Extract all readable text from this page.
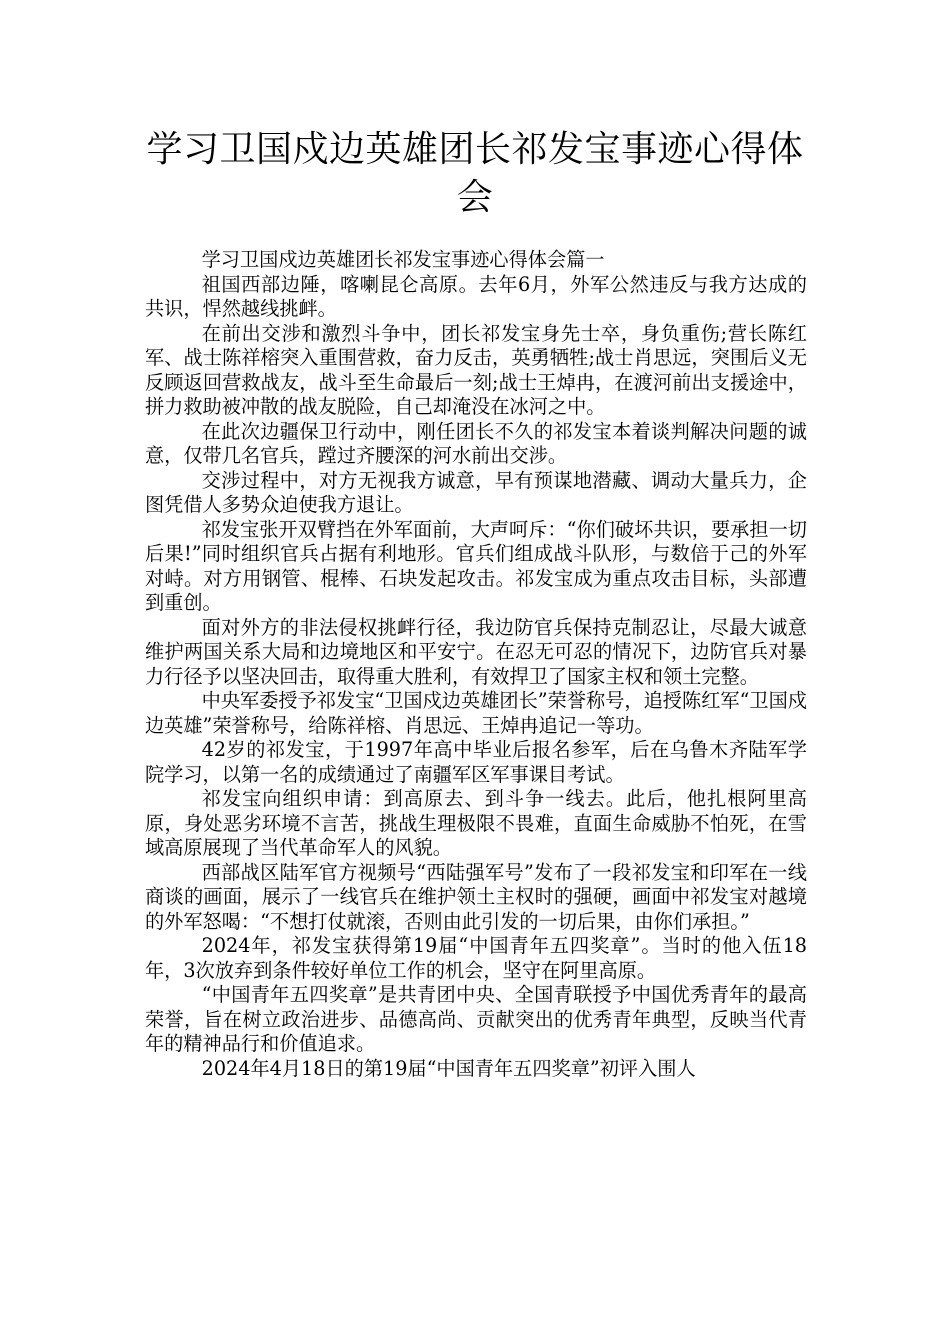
学习卫国戍边英雄团长祁发宝事迹心得体会

学习卫国戍边英雄团长祁发宝事迹心得体会篇一

祖国西部边陲，喀喇昆仑高原。去年6月，外军公然违反与我方达成的共识，悍然越线挑衅。

在前出交涉和激烈斗争中，团长祁发宝身先士卒，身负重伤;营长陈红军、战士陈祥榕突入重围营救，奋力反击，英勇牺牲;战士肖思远，突围后义无反顾返回营救战友，战斗至生命最后一刻;战士王焯冉，在渡河前出支援途中，拼力救助被冲散的战友脱险，自己却淹没在冰河之中。

在此次边疆保卫行动中，刚任团长不久的祁发宝本着谈判解决问题的诚意，仅带几名官兵，蹚过齐腰深的河水前出交涉。

交涉过程中，对方无视我方诚意，早有预谋地潜藏、调动大量兵力，企图凭借人多势众迫使我方退让。

祁发宝张开双臂挡在外军面前，大声呵斥：“你们破坏共识，要承担一切后果!”同时组织官兵占据有利地形。官兵们组成战斗队形，与数倍于己的外军对峙。对方用钢管、棍棒、石块发起攻击。祁发宝成为重点攻击目标，头部遭到重创。

面对外方的非法侵权挑衅行径，我边防官兵保持克制忍让，尽最大诚意维护两国关系大局和边境地区和平安宁。在忍无可忍的情况下，边防官兵对暴力行径予以坚决回击，取得重大胜利，有效捍卫了国家主权和领土完整。

中央军委授予祁发宝“卫国戍边英雄团长”荣誉称号，追授陈红军“卫国戍边英雄”荣誉称号，给陈祥榕、肖思远、王焯冉追记一等功。

42岁的祁发宝，于1997年高中毕业后报名参军，后在乌鲁木齐陆军学院学习，以第一名的成绩通过了南疆军区军事课目考试。

祁发宝向组织申请：到高原去、到斗争一线去。此后，他扎根阿里高原，身处恶劣环境不言苦，挑战生理极限不畏难，直面生命威胁不怕死，在雪域高原展现了当代革命军人的风貌。

西部战区陆军官方视频号“西陆强军号”发布了一段祁发宝和印军在一线商谈的画面，展示了一线官兵在维护领土主权时的强硬，画面中祁发宝对越境的外军怒喝：“不想打仗就滚，否则由此引发的一切后果，由你们承担。”

2024年，祁发宝获得第19届“中国青年五四奖章”。当时的他入伍18年，3次放弃到条件较好单位工作的机会，坚守在阿里高原。

“中国青年五四奖章”是共青团中央、全国青联授予中国优秀青年的最高荣誉，旨在树立政治进步、品德高尚、贡献突出的优秀青年典型，反映当代青年的精神品行和价值追求。

2024年4月18日的第19届“中国青年五四奖章”初评入围人
